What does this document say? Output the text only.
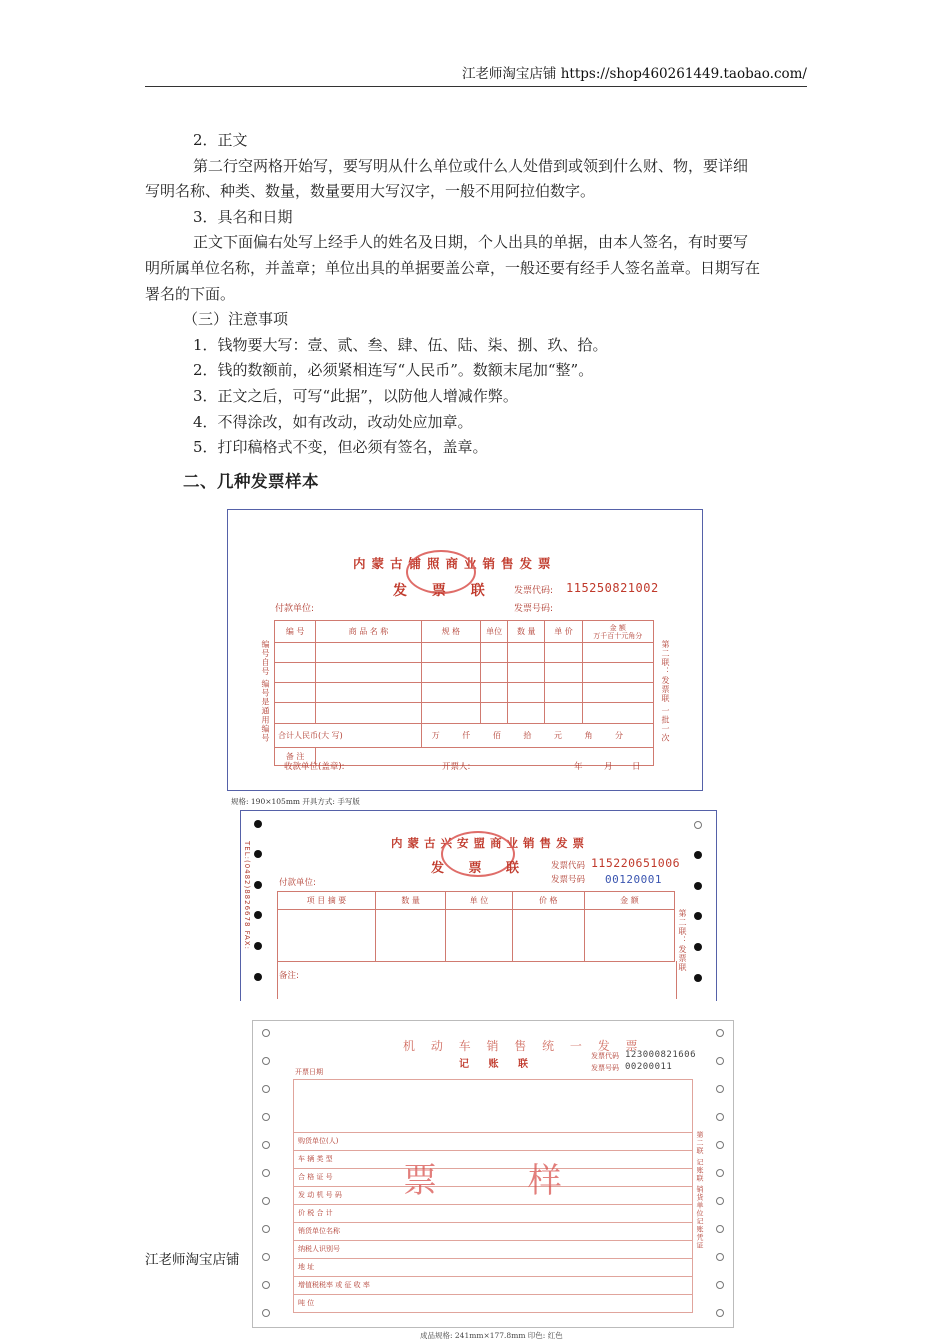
江老师淘宝店铺 https://shop460261449.taobao.com/

2．正文

第二行空两格开始写，要写明从什么单位或什么人处借到或领到什么财、物，要详细

写明名称、种类、数量，数量要用大写汉字，一般不用阿拉伯数字。

3．具名和日期

正文下面偏右处写上经手人的姓名及日期，个人出具的单据，由本人签名，有时要写

明所属单位名称，并盖章；单位出具的单据要盖公章，一般还要有经手人签名盖章。日期写在

署名的下面。

（三）注意事项

1．钱物要大写：壹、贰、叁、肆、伍、陆、柒、捌、玖、拾。

2．钱的数额前，必须紧相连写“人民币”。数额末尾加“整”。

3．正文之后，可写“此据”，以防他人增减作弊。

4．不得涂改，如有改动，改动处应加章。

5．打印稿格式不变，但必须有签名，盖章。

二、几种发票样本
内蒙古铺照商业销售发票
发 票 联 发票代码: 115250821002
发票号码:
付款单位:
编 号	商 品 名 称	规 格	单位	数 量	单 价	金 额
万千百十元角分

合计人民币(大 写)		万 仟 佰 拾 元 角 分				
备 注						
收款单位(盖章):	开票人:	年	月 日
第二联：发票联 一批一次
编号自号 编号是通用编号
规格: 190×105mm 开具方式: 手写版
TEL:(0482)8826678 FAX:	内蒙古兴安盟商业销售发票
发 票 联	发票代码 115220651006
发票号码 00120001
付款单位:
项 目 摘 要	数 量	单 位	价 格	金 额

备注:
第二联：发票联
机 动 车 销 售 统 一 发 票
记 账 联
发票代码 123000821606
发票号码 00200011
开票日期
购货单位(人)
车 辆 类 型
合 格 证 号
发 动 机 号 码
价 税 合 计
销货单位名称
纳税人识别号
地 址
增值税税率 或 征 收 率
吨 位
票 样	第二联 记账联 销货单位记账凭证
成品规格: 241mm×177.8mm 印色: 红色
江老师淘宝店铺
